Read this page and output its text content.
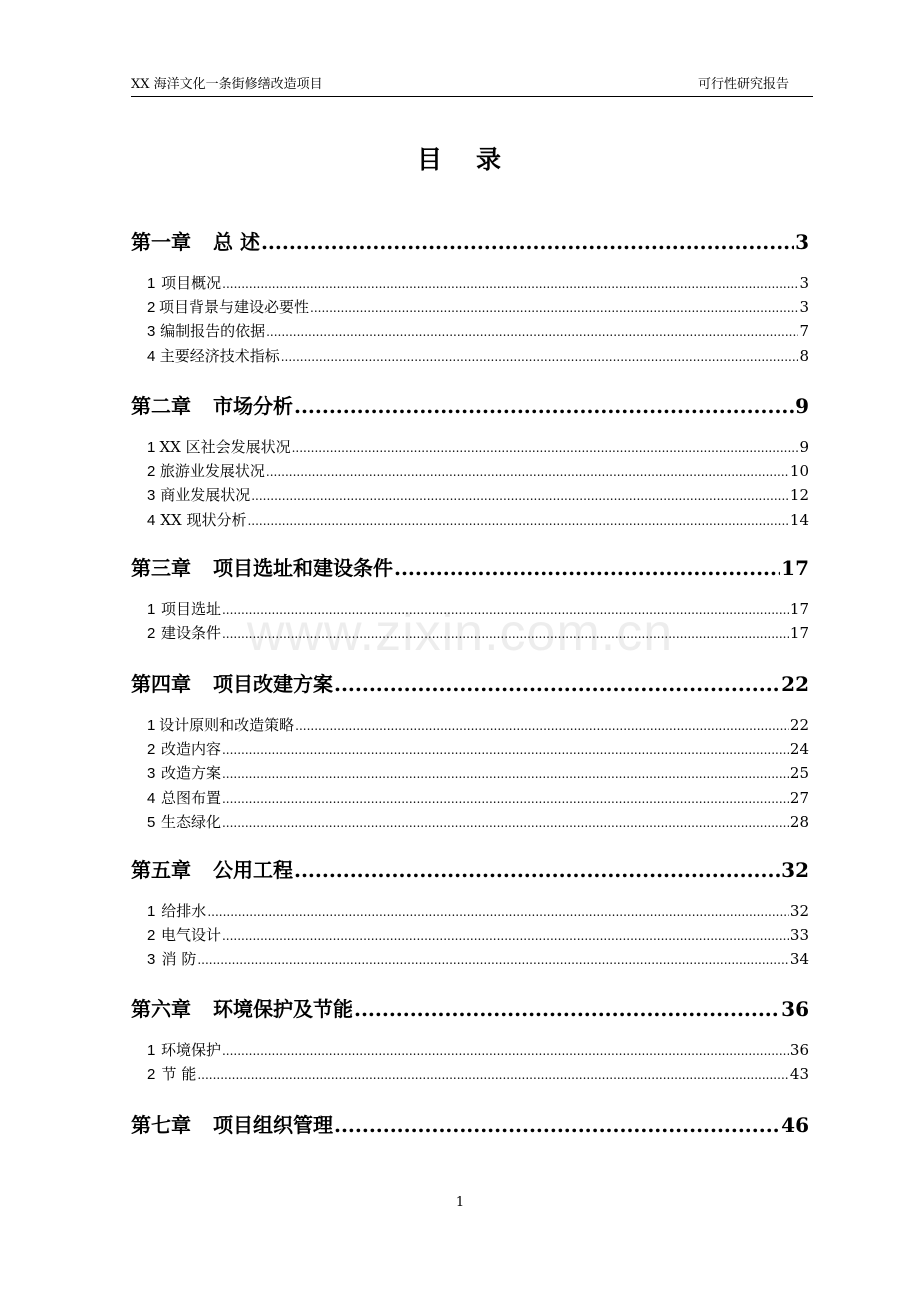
XX 海洋文化一条街修缮改造项目	可行性研究报告
目 录
第一章 总 述 .....	3
1 项目概况 .....	3
2 项目背景与建设必要性 .....	3
3 编制报告的依据 .....	7
4 主要经济技术指标 .....	8
第二章 市场分析 .....	9
1 XX 区社会发展状况 .....	9
2 旅游业发展状况 .....	10
3 商业发展状况 .....	12
4 XX 现状分析 .....	14
第三章 项目选址和建设条件 .....	17
1 项目选址 .....	17
2 建设条件 .....	17
第四章 项目改建方案 .....	22
1 设计原则和改造策略 .....	22
2 改造内容 .....	24
3 改造方案 .....	25
4 总图布置 .....	27
5 生态绿化 .....	28
第五章 公用工程 .....	32
1 给排水 .....	32
2 电气设计 .....	33
3 消 防 .....	34
第六章 环境保护及节能 .....	36
1 环境保护 .....	36
2 节 能 .....	43
第七章 项目组织管理 .....	46
www.zixin.com.cn
1
